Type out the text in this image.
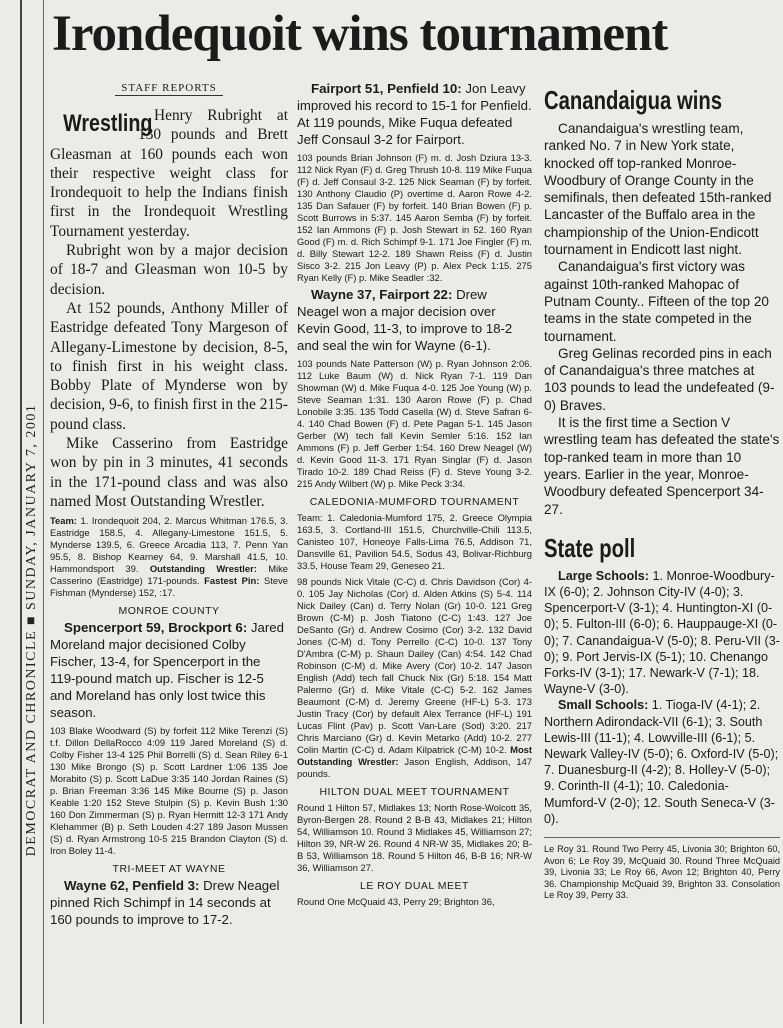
DEMOCRAT AND CHRONICLE ■ SUNDAY, JANUARY 7, 2001
Irondequoit wins tournament
STAFF REPORTS

Wrestling Henry Rubright at 130 pounds and Brett Gleasman at 160 pounds each won their respective weight class for Irondequoit to help the Indians finish first in the Irondequoit Wrestling Tournament yesterday.

Rubright won by a major decision of 18-7 and Gleasman won 10-5 by decision.

At 152 pounds, Anthony Miller of Eastridge defeated Tony Margeson of Allegany-Limestone by decision, 8-5, to finish first in his weight class. Bobby Plate of Mynderse won by decision, 9-6, to finish first in the 215-pound class.

Mike Casserino from Eastridge won by pin in 3 minutes, 41 seconds in the 171-pound class and was also named Most Outstanding Wrestler.

Team: 1. Irondequoit 204, 2. Marcus Whitman 176.5, 3. Eastridge 158.5, 4. Allegany-Limestone 151.5, 5. Mynderse 139.5, 6. Greece Arcadia 113, 7. Penn Yan 95.5, 8. Bishop Kearney 64, 9. Marshall 41.5, 10. Hammondsport 39. Outstanding Wrestler: Mike Casserino (Eastridge) 171-pounds. Fastest Pin: Steve Fishman (Mynderse) 152, :17.
MONROE COUNTY

Spencerport 59, Brockport 6: Jared Moreland major decisioned Colby Fischer, 13-4, for Spencerport in the 119-pound match up. Fischer is 12-5 and Moreland has only lost twice this season.

103 Blake Woodward (S) by forfeit 112 Mike Terenzi (S) t.f. Dillon DellaRocco 4:09 119 Jared Moreland (S) d. Colby Fisher 13-4 125 Phil Borrelli (S) d. Sean Riley 6-1 130 Mike Brongo (S) p. Scott Lardner 1:06 135 Joe Morabito (S) p. Scott LaDue 3:35 140 Jordan Raines (S) p. Brian Freeman 3:36 145 Mike Bourne (S) p. Jason Keable 1:20 152 Steve Stulpin (S) p. Kevin Bush 1:30 160 Don Zimmerman (S) p. Ryan Hermitt 12-3 171 Andy Klehammer (B) p. Seth Louden 4:27 189 Jason Mussen (S) d. Ryan Armstrong 10-5 215 Brandon Clayton (S) d. Iron Boley 11-4.
TRI-MEET AT WAYNE

Wayne 62, Penfield 3: Drew Neagel pinned Rich Schimpf in 14 seconds at 160 pounds to improve to 17-2.

Fairport 51, Penfield 10: Jon Leavy improved his record to 15-1 for Penfield. At 119 pounds, Mike Fuqua defeated Jeff Consaul 3-2 for Fairport.

103 pounds Brian Johnson (F) m. d. Josh Dziura 13-3. 112 Nick Ryan (F) d. Greg Thrush 10-8. 119 Mike Fuqua (F) d. Jeff Consaul 3-2. 125 Nick Seaman (F) by forfeit. 130 Anthony Claudio (P) overtime d. Aaron Rowe 4-2. 135 Dan Safauer (F) by forfeit. 140 Brian Bowen (F) p. Scott Burrows in 5:37. 145 Aaron Semba (F) by forfeit. 152 Ian Ammons (F) p. Josh Stewart in 52. 160 Ryan Good (F) m. d. Rich Schimpf 9-1. 171 Joe Fingler (F) m. d. Billy Stewart 12-2. 189 Shawn Reiss (F) d. Justin Sisco 3-2. 215 Jon Leavy (P) p. Alex Peck 1:15. 275 Ryan Kelly (F) p. Mike Seadler :32.

Wayne 37, Fairport 22: Drew Neagel won a major decision over Kevin Good, 11-3, to improve to 18-2 and seal the win for Wayne (6-1).

103 pounds Nate Patterson (W) p. Ryan Johnson 2:06. 112 Luke Baum (W) d. Nick Ryan 7-1. 119 Dan Showman (W) d. Mike Fuqua 4-0. 125 Joe Young (W) p. Steve Seaman 1:31. 130 Aaron Rowe (F) p. Chad Lonobile 3:35. 135 Todd Casella (W) d. Steve Safran 6-4. 140 Chad Bowen (F) d. Pete Pagan 5-1. 145 Jason Gerber (W) tech fall Kevin Semler 5:16. 152 Ian Ammons (F) p. Jeff Gerber 1:54. 160 Drew Neagel (W) d. Kevin Good 11-3. 171 Ryan Singlar (F) d. Jason Tirado 10-2. 189 Chad Reiss (F) d. Steve Young 3-2. 215 Andy Wilbert (W) p. Mike Peck 3:34.
CALEDONIA-MUMFORD TOURNAMENT
Team: 1. Caledonia-Mumford 175, 2. Greece Olympia 163.5, 3. Cortland-III 151.5, Churchville-Chili 113.5, Canisteo 107, Honeoye Falls-Lima 76.5, Addison 71, Dansville 61, Pavilion 54.5, Sodus 43, Bolivar-Richburg 33.5, House Team 29, Geneseo 21.
98 pounds Nick Vitale (C-C) d. Chris Davidson (Cor) 4-0. 105 Jay Nicholas (Cor) d. Alden Atkins (S) 5-4. 114 Nick Dailey (Can) d. Terry Nolan (Gr) 10-0. 121 Greg Brown (C-M) p. Josh Tiatono (C-C) 1:43. 127 Joe DeSanto (Gr) d. Andrew Cosimo (Cor) 3-2. 132 David Jones (C-M) d. Tony Perrello (C-C) 10-0. 137 Tony D'Ambra (C-M) p. Shaun Dailey (Can) 4:54. 142 Chad Robinson (C-M) d. Mike Avery (Cor) 10-2. 147 Jason English (Add) tech fall Chuck Nix (Gr) 5:18. 154 Matt Palermo (Gr) d. Mike Vitale (C-C) 5-2. 162 James Beaumont (C-M) d. Jeremy Greene (HF-L) 5-3. 173 Justin Tracy (Cor) by default Alex Terrance (HF-L) 191 Lucas Flint (Pav) p. Scott Van-Lare (Sod) 3:20. 217 Chris Marciano (Gr) d. Kevin Metarko (Add) 10-2. 277 Colin Martin (C-C) d. Adam Kilpatrick (C-M) 10-2. Most Outstanding Wrestler: Jason English, Addison, 147 pounds.
HILTON DUAL MEET TOURNAMENT
Round 1 Hilton 57, Midlakes 13; North Rose-Wolcott 35, Byron-Bergen 28. Round 2 B-B 43, Midlakes 21; Hilton 54, Williamson 10. Round 3 Midlakes 45, Williamson 27; Hilton 39, NR-W 26. Round 4 NR-W 35, Midlakes 20; B-B 53, Williamson 18. Round 5 Hilton 46, B-B 16; NR-W 36, Williamson 27.
LE ROY DUAL MEET
Round One McQuaid 43, Perry 29; Brighton 36,
Canandaigua wins

Canandaigua's wrestling team, ranked No. 7 in New York state, knocked off top-ranked Monroe-Woodbury of Orange County in the semifinals, then defeated 15th-ranked Lancaster of the Buffalo area in the championship of the Union-Endicott tournament in Endicott last night.

Canandaigua's first victory was against 10th-ranked Mahopac of Putnam County.. Fifteen of the top 20 teams in the state competed in the tournament.

Greg Gelinas recorded pins in each of Canandaigua's three matches at 103 pounds to lead the undefeated (9-0) Braves.

It is the first time a Section V wrestling team has defeated the state's top-ranked team in more than 10 years. Earlier in the year, Monroe-Woodbury defeated Spencerport 34-27.

State poll

Large Schools: 1. Monroe-Woodbury-IX (6-0); 2. Johnson City-IV (4-0); 3. Spencerport-V (3-1); 4. Huntington-XI (0-0); 5. Fulton-III (6-0); 6. Hauppauge-XI (0-0); 7. Canandaigua-V (5-0); 8. Peru-VII (3-0); 9. Port Jervis-IX (5-1); 10. Chenango Forks-IV (3-1); 17. Newark-V (7-1); 18. Wayne-V (3-0).

Small Schools: 1. Tioga-IV (4-1); 2. Northern Adirondack-VII (6-1); 3. South Lewis-III (11-1); 4. Lowville-III (6-1); 5. Newark Valley-IV (5-0); 6. Oxford-IV (5-0); 7. Duanesburg-II (4-2); 8. Holley-V (5-0); 9. Corinth-II (4-1); 10. Caledonia-Mumford-V (2-0); 12. South Seneca-V (3-0).

Le Roy 31. Round Two Perry 45, Livonia 30; Brighton 60, Avon 6; Le Roy 39, McQuaid 30. Round Three McQuaid 39, Livonia 33; Le Roy 66, Avon 12; Brighton 40, Perry 36. Championship McQuaid 39, Brighton 33. Consolation Le Roy 39, Perry 33.
